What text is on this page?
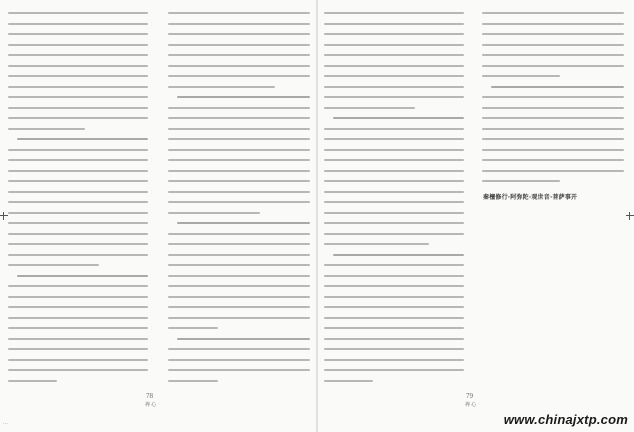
78
禅 心
79
禅 心
秦檀修行·阿弥陀·观世音·菩萨事开
…	www.chinajxtp.com
